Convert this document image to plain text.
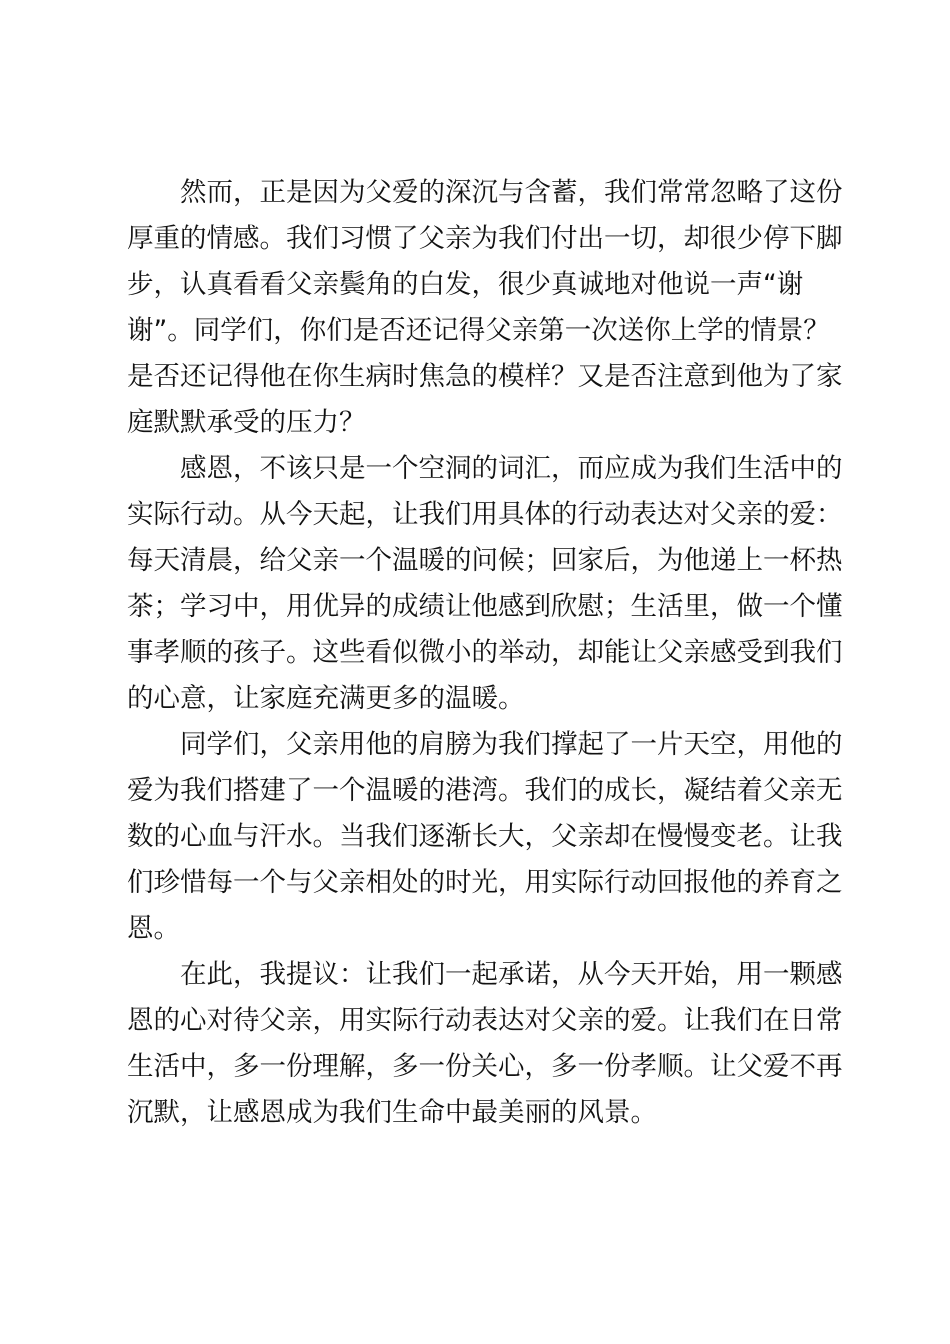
然而，正是因为父爱的深沉与含蓄，我们常常忽略了这份
厚重的情感。我们习惯了父亲为我们付出一切，却很少停下脚
步，认真看看父亲鬓角的白发，很少真诚地对他说一声“谢
谢”。同学们，你们是否还记得父亲第一次送你上学的情景？
是否还记得他在你生病时焦急的模样？又是否注意到他为了家
庭默默承受的压力？
感恩，不该只是一个空洞的词汇，而应成为我们生活中的
实际行动。从今天起，让我们用具体的行动表达对父亲的爱：
每天清晨，给父亲一个温暖的问候；回家后，为他递上一杯热
茶；学习中，用优异的成绩让他感到欣慰；生活里，做一个懂
事孝顺的孩子。这些看似微小的举动，却能让父亲感受到我们
的心意，让家庭充满更多的温暖。
同学们，父亲用他的肩膀为我们撑起了一片天空，用他的
爱为我们搭建了一个温暖的港湾。我们的成长，凝结着父亲无
数的心血与汗水。当我们逐渐长大，父亲却在慢慢变老。让我
们珍惜每一个与父亲相处的时光，用实际行动回报他的养育之
恩。
在此，我提议：让我们一起承诺，从今天开始，用一颗感
恩的心对待父亲，用实际行动表达对父亲的爱。让我们在日常
生活中，多一份理解，多一份关心，多一份孝顺。让父爱不再
沉默，让感恩成为我们生命中最美丽的风景。
